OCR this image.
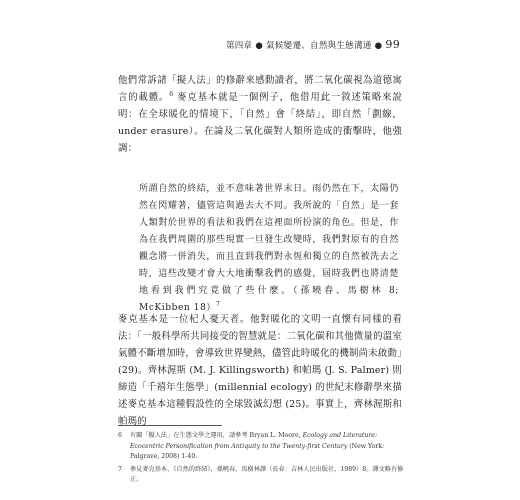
第四章 ● 氣候變遷、自然與生態溝通 ● 99
他們常訴諸「擬人法」的修辭來感動讀者，將二氧化碳視為道德寓言的載體。$^6$ 麥克基本就是一個例子，他借用此一敘述策略來說明：在全球暖化的情境下，「自然」會「終結」，即自然「劃線，under erasure）。在論及二氧化碳對人類所造成的衝擊時，他強調：
所謂自然的終結，並不意味著世界末日。雨仍然在下，太陽仍然在閃耀著，儘管這與過去大不同。我所說的「自然」是一套人類對於世界的看法和我們在這裡面所扮演的角色。但是，作為在我們周圍的那些現實一旦發生改變時，我們對原有的自然觀念將一併消失，而且直到我們對永恆和獨立的自然被洗去之時，這些改變才會大大地衝擊我們的感覺，屆時我們也將清楚地看到我們究竟做了些什麼。（孫曉春、馬樹林 8; McKibben 18）$^7$
麥克基本是一位杞人憂天者。他對暖化的文明一直懷有同樣的看法：「一般科學所共同接受的智慧就是：二氧化碳和其他微量的溫室氣體不斷增加時，會導致世界變熱，儘管此時暖化的機制尚未啟動」(29)。齊林渥斯 (M. J. Killingsworth) 和帕瑪 (J. S. Palmer) 則締造「千禧年生態學」(millennial ecology) 的世紀末修辭學來描述麥克基本這種假設性的全球毀滅幻想 (25)。事實上，齊林渥斯和帕瑪的
6	有關「擬人法」在生態文學之運用，請參考 Bryan L. Moore, Ecology and Literature: Ecocentric Personification from Antiquity to the Twenty-first Century (New York: Palgrave, 2008) 1-40.
7	參見麥克基本，《自然的終結》，孫曉春、馬樹林譯（長春：吉林人民出版社，1989）8。譯文略有修正。
